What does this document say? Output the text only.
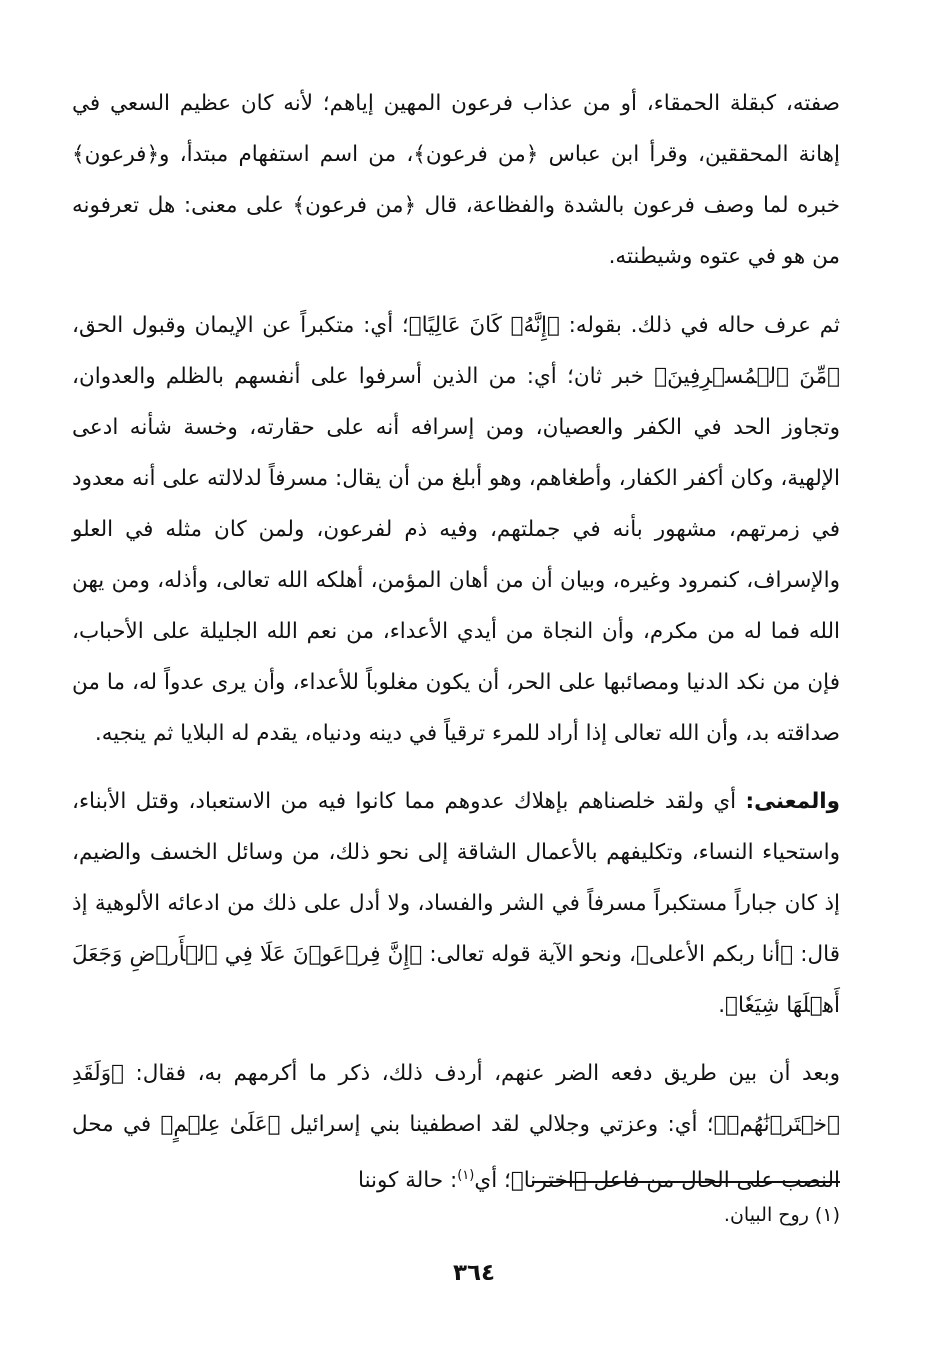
صفته، كبقلة الحمقاء، أو من عذاب فرعون المهين إياهم؛ لأنه كان عظيم السعي في إهانة المحققين، وقرأ ابن عباس ﴿من فرعون﴾، من اسم استفهام مبتدأ، و﴿فرعون﴾ خبره لما وصف فرعون بالشدة والفظاعة، قال ﴿من فرعون﴾ على معنى: هل تعرفونه من هو في عتوه وشيطنته.

ثم عرف حاله في ذلك. بقوله: ﴿إِنَّهُۥ كَانَ عَالِيًا﴾؛ أي: متكبراً عن الإيمان وقبول الحق، ﴿مِّنَ ٱلۡمُسۡرِفِينَ﴾ خبر ثان؛ أي: من الذين أسرفوا على أنفسهم بالظلم والعدوان، وتجاوز الحد في الكفر والعصيان، ومن إسرافه أنه على حقارته، وخسة شأنه ادعى الإلهية، وكان أكفر الكفار، وأطغاهم، وهو أبلغ من أن يقال: مسرفاً لدلالته على أنه معدود في زمرتهم، مشهور بأنه في جملتهم، وفيه ذم لفرعون، ولمن كان مثله في العلو والإسراف، كنمرود وغيره، وبيان أن من أهان المؤمن، أهلكه الله تعالى، وأذله، ومن يهن الله فما له من مكرم، وأن النجاة من أيدي الأعداء، من نعم الله الجليلة على الأحباب، فإن من نكد الدنيا ومصائبها على الحر، أن يكون مغلوباً للأعداء، وأن يرى عدواً له، ما من صداقته بد، وأن الله تعالى إذا أراد للمرء ترقياً في دينه ودنياه، يقدم له البلايا ثم ينجيه.

والمعنى: أي ولقد خلصناهم بإهلاك عدوهم مما كانوا فيه من الاستعباد، وقتل الأبناء، واستحياء النساء، وتكليفهم بالأعمال الشاقة إلى نحو ذلك، من وسائل الخسف والضيم، إذ كان جباراً مستكبراً مسرفاً في الشر والفساد، ولا أدل على ذلك من ادعائه الألوهية إذ قال: ﴿أنا ربكم الأعلى﴾، ونحو الآية قوله تعالى: ﴿إِنَّ فِرۡعَوۡنَ عَلَا فِي ٱلۡأَرۡضِ وَجَعَلَ أَهۡلَهَا شِيَعٗا﴾.

وبعد أن بين طريق دفعه الضر عنهم، أردف ذلك، ذكر ما أكرمهم به، فقال: ﴿وَلَقَدِ ٱخۡتَرۡنَٰهُمۡ﴾؛ أي: وعزتي وجلالي لقد اصطفينا بني إسرائيل ﴿عَلَىٰ عِلۡمٍ﴾ في محل النصب على الحال من فاعل ﴿اخترنا﴾؛ أي$^{(١)}$: حالة كوننا

(١) روح البيان.
٣٦٤
